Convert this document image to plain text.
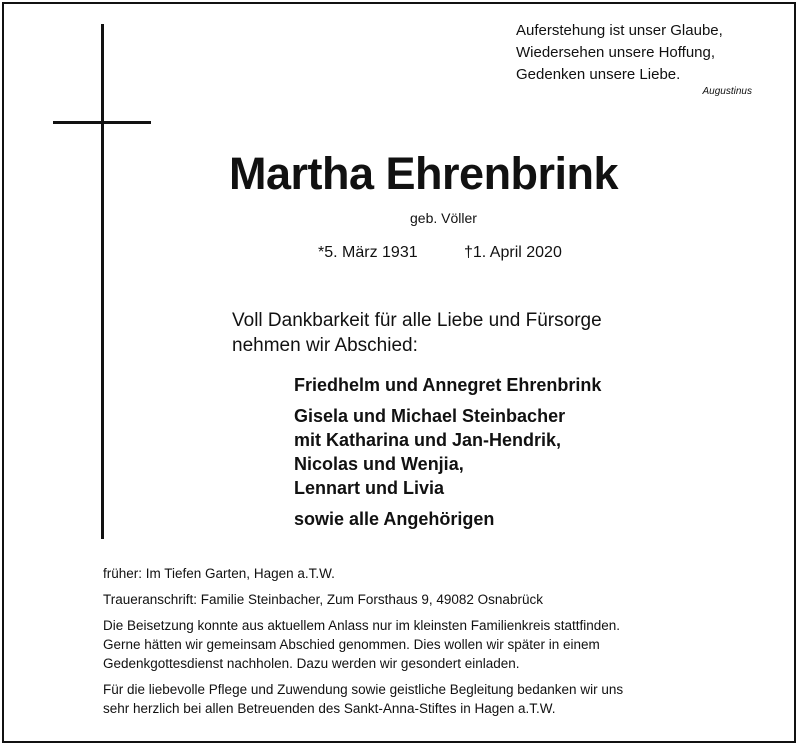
Auferstehung ist unser Glaube,
Wiedersehen unsere Hoffung,
Gedenken unsere Liebe.
Augustinus
Martha Ehrenbrink
geb. Völler
*5. März 1931	†1. April 2020
Voll Dankbarkeit für alle Liebe und Fürsorge
nehmen wir Abschied:
Friedhelm und Annegret Ehrenbrink
Gisela und Michael Steinbacher
mit Katharina und Jan-Hendrik,
Nicolas und Wenjia,
Lennart und Livia
sowie alle Angehörigen

früher: Im Tiefen Garten, Hagen a.T.W.

Traueranschrift: Familie Steinbacher, Zum Forsthaus 9, 49082 Osnabrück

Die Beisetzung konnte aus aktuellem Anlass nur im kleinsten Familienkreis stattfinden.
Gerne hätten wir gemeinsam Abschied genommen. Dies wollen wir später in einem
Gedenkgottesdienst nachholen. Dazu werden wir gesondert einladen.

Für die liebevolle Pflege und Zuwendung sowie geistliche Begleitung bedanken wir uns
sehr herzlich bei allen Betreuenden des Sankt-Anna-Stiftes in Hagen a.T.W.
